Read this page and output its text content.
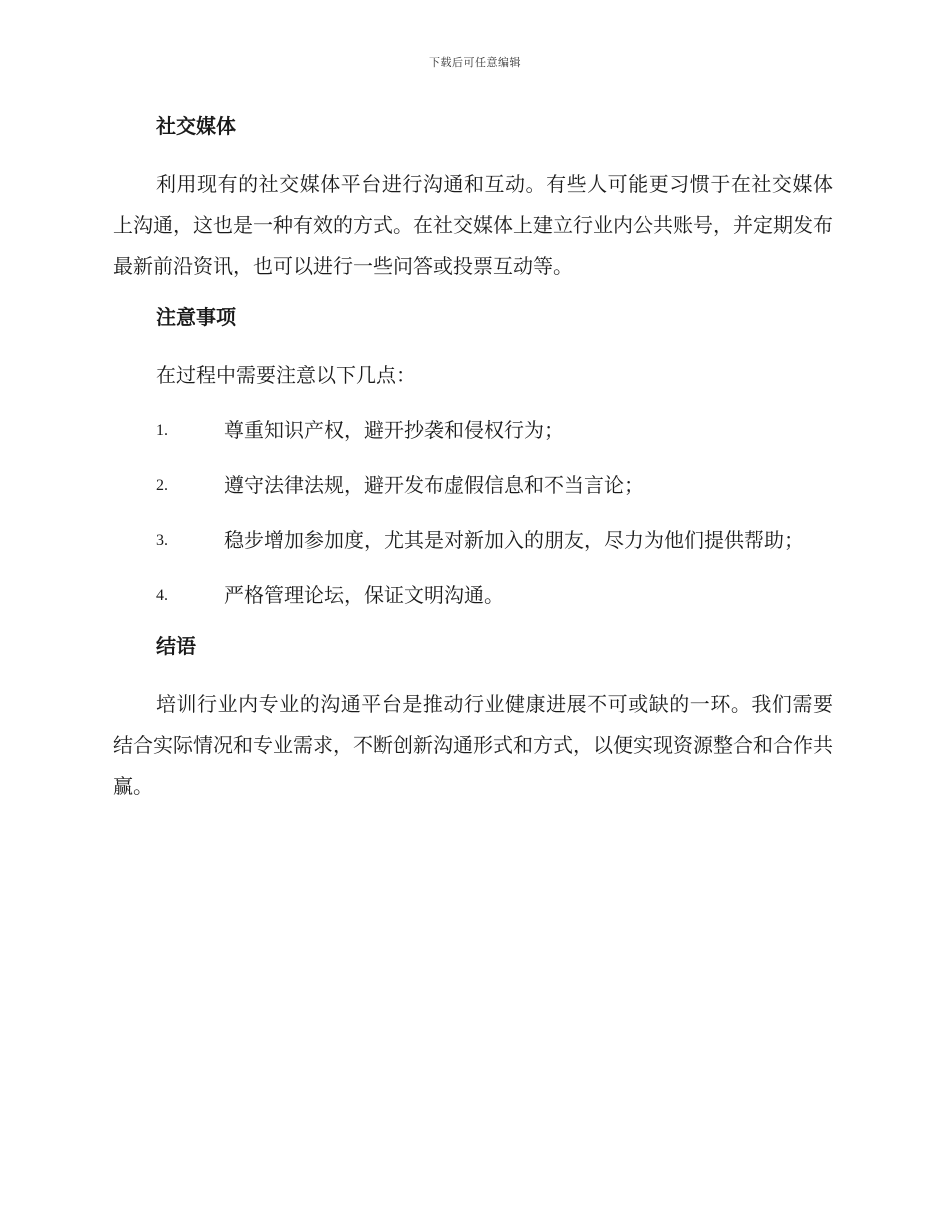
下载后可任意编辑
社交媒体

利用现有的社交媒体平台进行沟通和互动。有些人可能更习惯于在社交媒体上沟通，这也是一种有效的方式。在社交媒体上建立行业内公共账号，并定期发布最新前沿资讯，也可以进行一些问答或投票互动等。

注意事项

在过程中需要注意以下几点：

1.	尊重知识产权，避开抄袭和侵权行为；
2.	遵守法律法规，避开发布虚假信息和不当言论；
3.	稳步增加参加度，尤其是对新加入的朋友，尽力为他们提供帮助；
4.	严格管理论坛，保证文明沟通。
结语

培训行业内专业的沟通平台是推动行业健康进展不可或缺的一环。我们需要结合实际情况和专业需求，不断创新沟通形式和方式，以便实现资源整合和合作共赢。
